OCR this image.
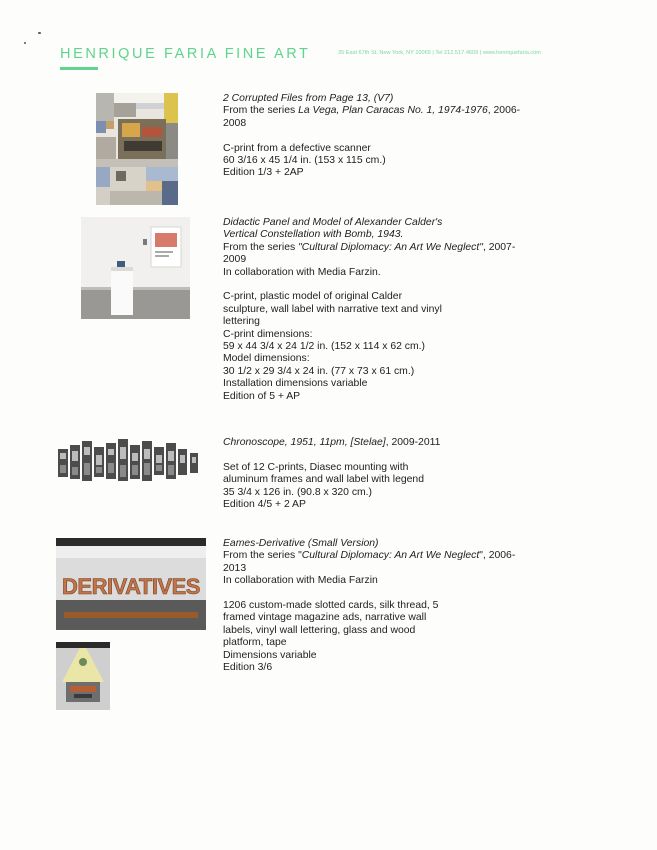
HENRIQUE FARIA FINE ART	35 East 67th St. New York, NY 10065 | Tel 212.517.4609 | www.henriquefaria.com

2 Corrupted Files from Page 13, (V7)

From the series La Vega, Plan Caracas No. 1, 1974-1976, 2006-2008

C-print from a defective scanner

60 3/16 x 45 1/4 in. (153 x 115 cm.)

Edition 1/3 + 2AP

Didactic Panel and Model of Alexander Calder's

Vertical Constellation with Bomb, 1943.

From the series "Cultural Diplomacy: An Art We Neglect", 2007-2009

In collaboration with Media Farzin.

C-print, plastic model of original Calder

sculpture, wall label with narrative text and vinyl

lettering

C-print dimensions:

59 x 44 3/4 x 24 1/2 in. (152 x 114 x 62 cm.)

Model dimensions:

30 1/2 x 29 3/4 x 24 in. (77 x 73 x 61 cm.)

Installation dimensions variable

Edition of 5 + AP

Chronoscope, 1951, 11pm, [Stelae], 2009-2011

Set of 12 C-prints, Diasec mounting with

aluminum frames and wall label with legend

35 3/4 x 126 in. (90.8 x 320 cm.)

Edition 4/5 + 2 AP

DERIVATIVES

Eames-Derivative (Small Version)

From the series "Cultural Diplomacy: An Art We Neglect", 2006-2013

In collaboration with Media Farzin

1206 custom-made slotted cards, silk thread, 5

framed vintage magazine ads, narrative wall

labels, vinyl wall lettering, glass and wood

platform, tape

Dimensions variable

Edition 3/6
